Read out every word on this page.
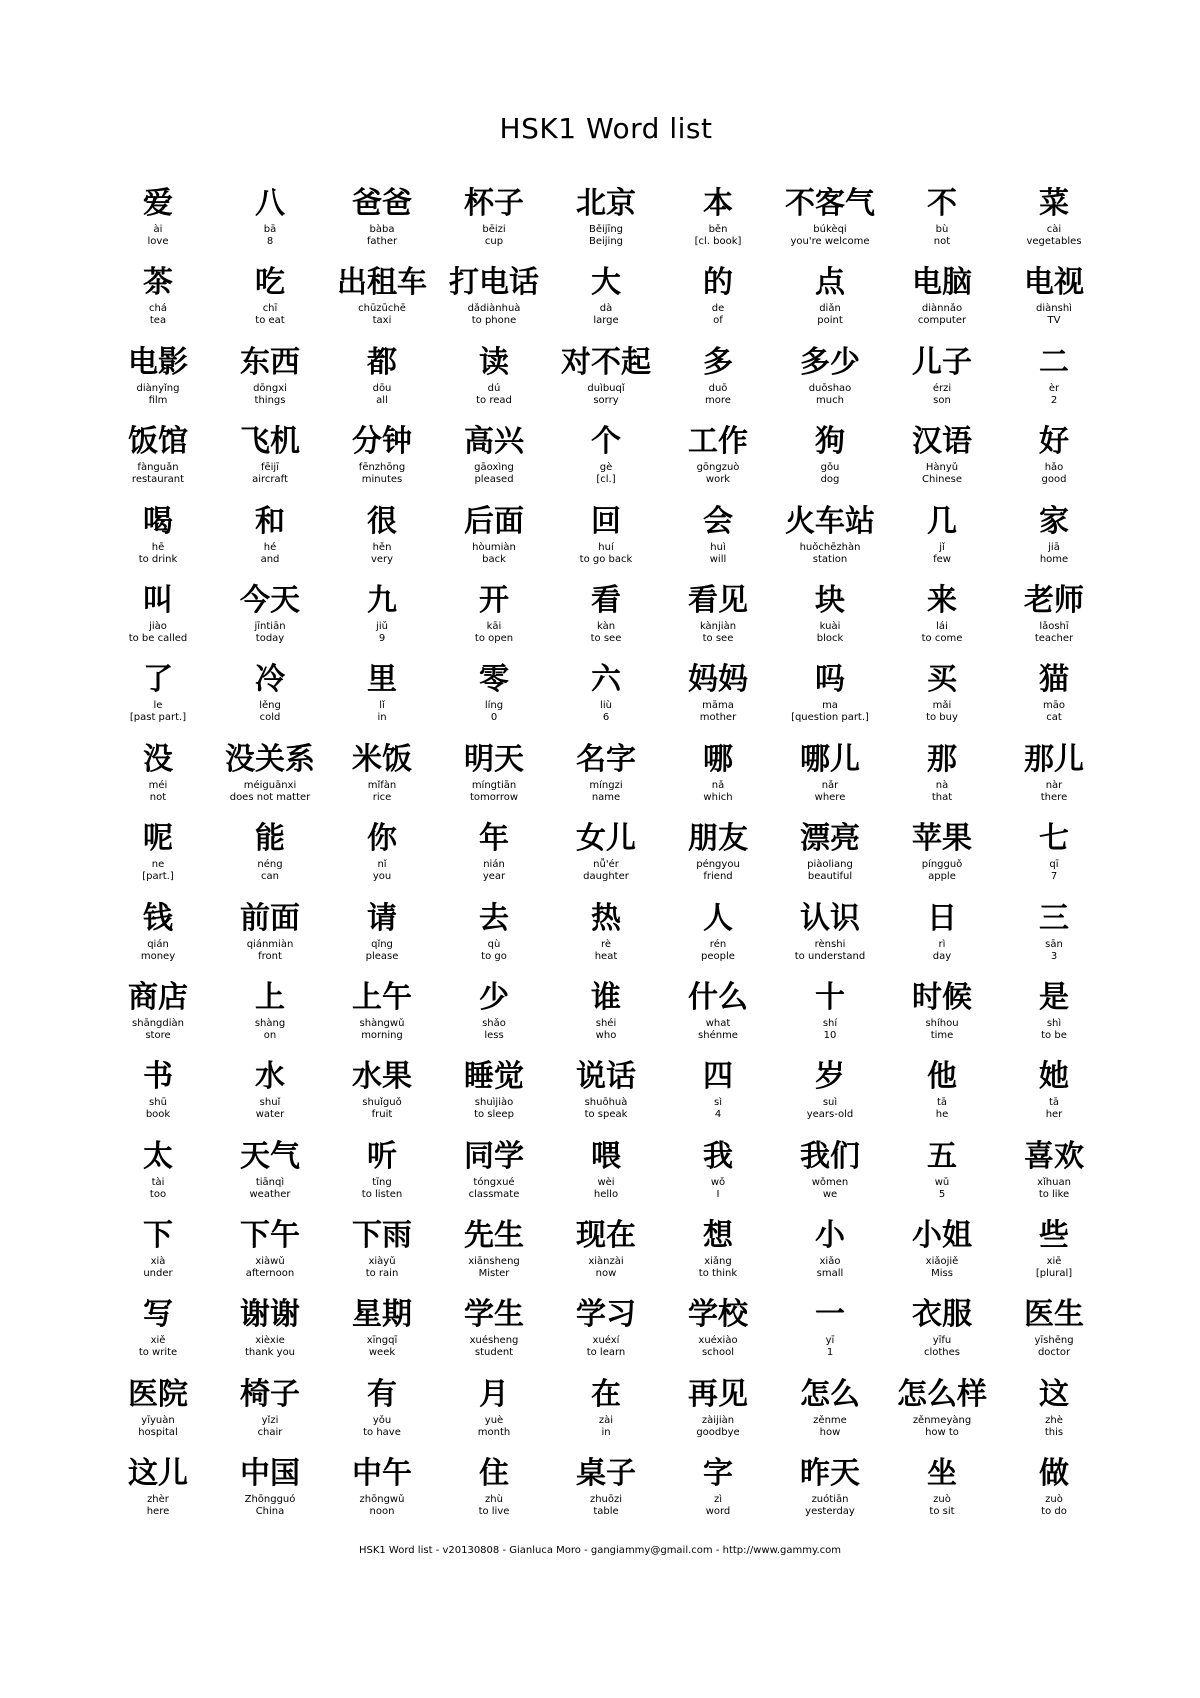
HSK1 Word list
爱
ài
love
八
bā
8
爸爸
bàba
father
杯子
bēizi
cup
北京
Běijīng
Beijing
本
běn
[cl. book]
不客气
búkèqi
you're welcome
不
bù
not
菜
cài
vegetables
茶
chá
tea
吃
chī
to eat
出租车
chūzūchē
taxi
打电话
dǎdiànhuà
to phone
大
dà
large
的
de
of
点
diǎn
point
电脑
diànnǎo
computer
电视
diànshì
TV
电影
diànyǐng
film
东西
dōngxi
things
都
dōu
all
读
dú
to read
对不起
duìbuqǐ
sorry
多
duō
more
多少
duōshao
much
儿子
érzi
son
二
èr
2
饭馆
fànguǎn
restaurant
飞机
fēijī
aircraft
分钟
fēnzhōng
minutes
高兴
gāoxìng
pleased
个
gè
[cl.]
工作
gōngzuò
work
狗
gǒu
dog
汉语
Hànyǔ
Chinese
好
hǎo
good
喝
hē
to drink
和
hé
and
很
hěn
very
后面
hòumiàn
back
回
huí
to go back
会
huì
will
火车站
huǒchēzhàn
station
几
jǐ
few
家
jiā
home
叫
jiào
to be called
今天
jīntiān
today
九
jiǔ
9
开
kāi
to open
看
kàn
to see
看见
kànjiàn
to see
块
kuài
block
来
lái
to come
老师
lǎoshī
teacher
了
le
[past part.]
冷
lěng
cold
里
lǐ
in
零
líng
0
六
liù
6
妈妈
māma
mother
吗
ma
[question part.]
买
mǎi
to buy
猫
māo
cat
没
méi
not
没关系
méiguānxi
does not matter
米饭
mǐfàn
rice
明天
míngtiān
tomorrow
名字
míngzi
name
哪
nǎ
which
哪儿
nǎr
where
那
nà
that
那儿
nàr
there
呢
ne
[part.]
能
néng
can
你
nǐ
you
年
nián
year
女儿
nǚ'ér
daughter
朋友
péngyou
friend
漂亮
piàoliang
beautiful
苹果
píngguǒ
apple
七
qī
7
钱
qián
money
前面
qiánmiàn
front
请
qǐng
please
去
qù
to go
热
rè
heat
人
rén
people
认识
rènshi
to understand
日
rì
day
三
sān
3
商店
shāngdiàn
store
上
shàng
on
上午
shàngwǔ
morning
少
shǎo
less
谁
shéi
who
什么
what
shénme
十
shí
10
时候
shíhou
time
是
shì
to be
书
shū
book
水
shuǐ
water
水果
shuǐguǒ
fruit
睡觉
shuìjiào
to sleep
说话
shuōhuà
to speak
四
sì
4
岁
suì
years-old
他
tā
he
她
tā
her
太
tài
too
天气
tiānqì
weather
听
tīng
to listen
同学
tóngxué
classmate
喂
wèi
hello
我
wǒ
I
我们
wǒmen
we
五
wǔ
5
喜欢
xǐhuan
to like
下
xià
under
下午
xiàwǔ
afternoon
下雨
xiàyǔ
to rain
先生
xiānsheng
Mister
现在
xiànzài
now
想
xiǎng
to think
小
xiǎo
small
小姐
xiǎojiě
Miss
些
xiē
[plural]
写
xiě
to write
谢谢
xièxie
thank you
星期
xīngqī
week
学生
xuésheng
student
学习
xuéxí
to learn
学校
xuéxiào
school
一
yī
1
衣服
yīfu
clothes
医生
yīshēng
doctor
医院
yīyuàn
hospital
椅子
yǐzi
chair
有
yǒu
to have
月
yuè
month
在
zài
in
再见
zàijiàn
goodbye
怎么
zěnme
how
怎么样
zěnmeyàng
how to
这
zhè
this
这儿
zhèr
here
中国
Zhōngguó
China
中午
zhōngwǔ
noon
住
zhù
to live
桌子
zhuōzi
table
字
zì
word
昨天
zuótiān
yesterday
坐
zuò
to sit
做
zuò
to do
HSK1 Word list - v20130808 - Gianluca Moro - gangiammy@gmail.com - http://www.gammy.com
